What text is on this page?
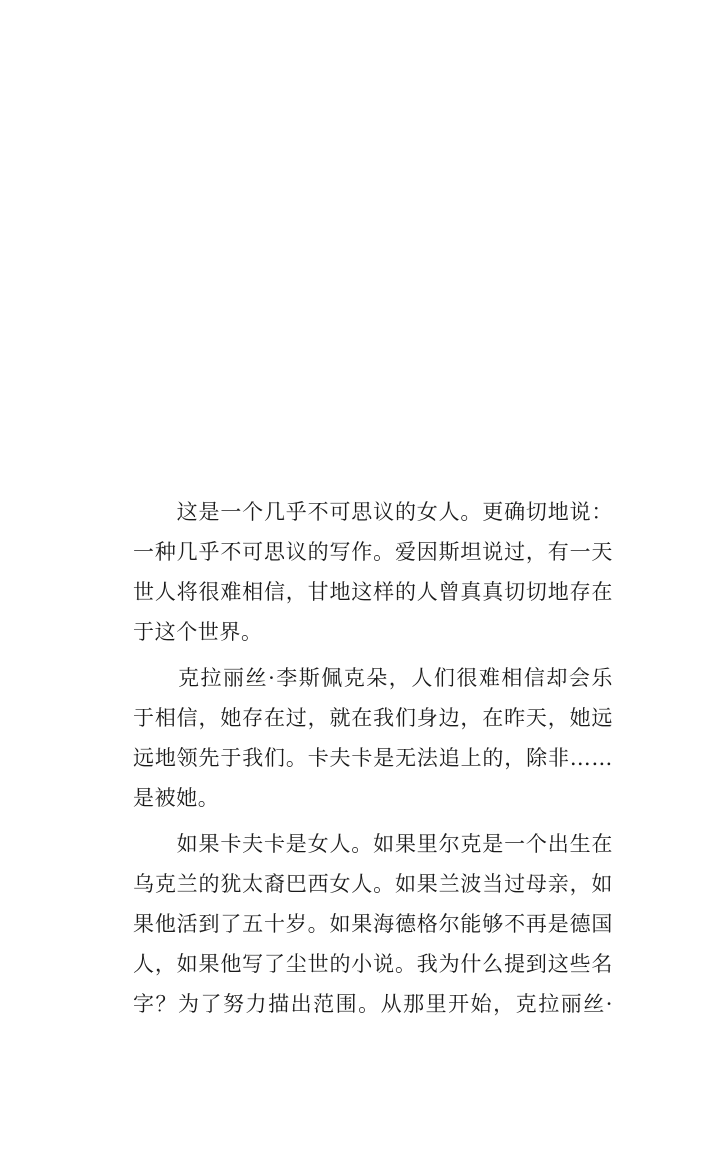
　　这是一个几乎不可思议的女人。更确切地说：
一种几乎不可思议的写作。爱因斯坦说过，有一天
世人将很难相信，甘地这样的人曾真真切切地存在
于这个世界。
　　克拉丽丝·李斯佩克朵，人们很难相信却会乐
于相信，她存在过，就在我们身边，在昨天，她远
远地领先于我们。卡夫卡是无法追上的，除非……
是被她。
　　如果卡夫卡是女人。如果里尔克是一个出生在
乌克兰的犹太裔巴西女人。如果兰波当过母亲，如
果他活到了五十岁。如果海德格尔能够不再是德国
人，如果他写了尘世的小说。我为什么提到这些名
字？为了努力描出范围。从那里开始，克拉丽丝·
